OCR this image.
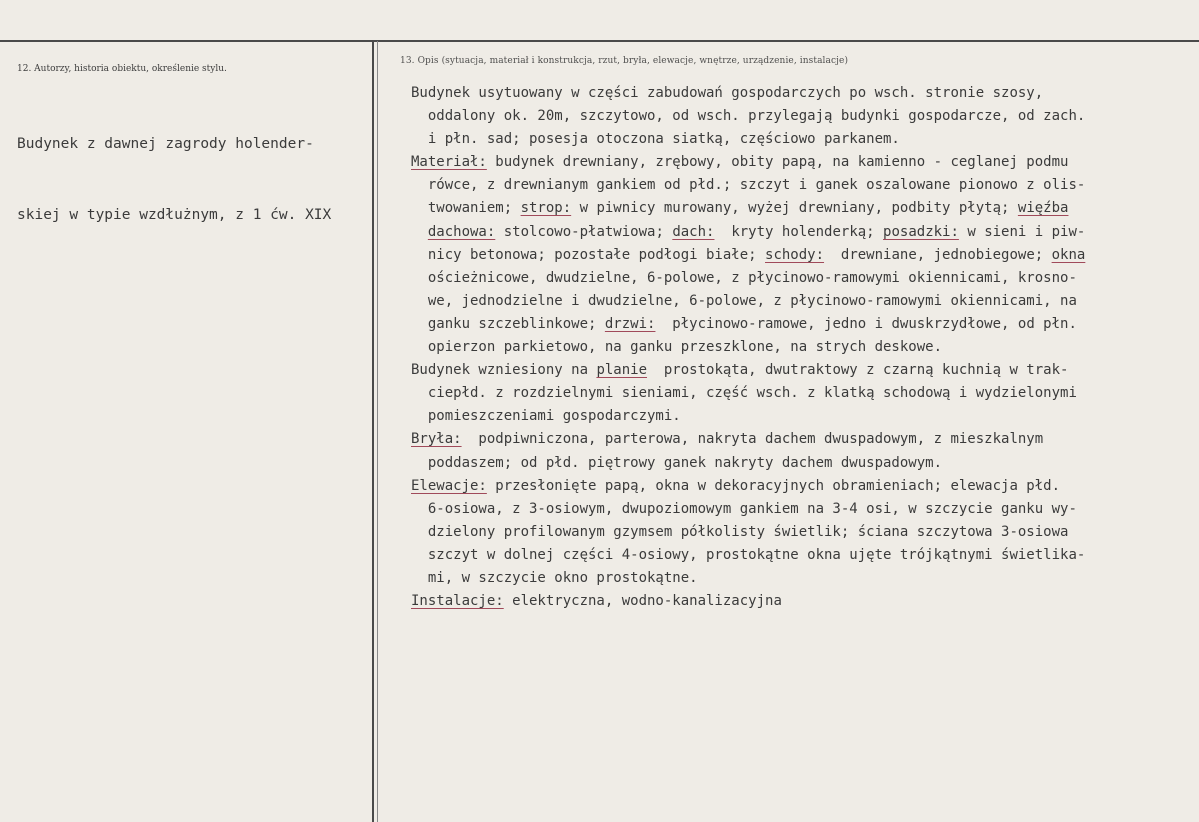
12. Autorzy, historia obiektu, określenie stylu.

Budynek z dawnej zagrody holender-

skiej w typie wzdłużnym, z 1 ćw. XIX

13. Opis (sytuacja, materiał i konstrukcja, rzut, bryła, elewacje, wnętrze, urządzenie, instalacje)
Budynek usytuowany w części zabudowań gospodarczych po wsch. stronie szosy,
oddalony ok. 20m, szczytowo, od wsch. przylegają budynki gospodarcze, od zach.
i płn. sad; posesja otoczona siatką, częściowo parkanem.
Materiał: budynek drewniany, zrębowy, obity papą, na kamienno - ceglanej podmu
rówce, z drewnianym gankiem od płd.; szczyt i ganek oszalowane pionowo z olis-
twowaniem; strop: w piwnicy murowany, wyżej drewniany, podbity płytą; więźba
dachowa: stolcowo-płatwiowa; dach:  kryty holenderką; posadzki: w sieni i piw-
nicy betonowa; pozostałe podłogi białe; schody:  drewniane, jednobiegowe; okna
ościeżnicowe, dwudzielne, 6-polowe, z płycinowo-ramowymi okiennicami, krosno-
we, jednodzielne i dwudzielne, 6-polowe, z płycinowo-ramowymi okiennicami, na
ganku szczeblinkowe; drzwi:  płycinowo-ramowe, jedno i dwuskrzydłowe, od płn.
opierzon parkietowo, na ganku przeszklone, na strych deskowe.
Budynek wzniesiony na planie  prostokąta, dwutraktowy z czarną kuchnią w trak-
ciepłd. z rozdzielnymi sieniami, część wsch. z klatką schodową i wydzielonymi
pomieszczeniami gospodarczymi.
Bryła:  podpiwniczona, parterowa, nakryta dachem dwuspadowym, z mieszkalnym
poddaszem; od płd. piętrowy ganek nakryty dachem dwuspadowym.
Elewacje: przesłonięte papą, okna w dekoracyjnych obramieniach; elewacja płd.
6-osiowa, z 3-osiowym, dwupoziomowym gankiem na 3-4 osi, w szczycie ganku wy-
dzielony profilowanym gzymsem półkolisty świetlik; ściana szczytowa 3-osiowa
szczyt w dolnej części 4-osiowy, prostokątne okna ujęte trójkątnymi świetlika-
mi, w szczycie okno prostokątne.
Instalacje: elektryczna, wodno-kanalizacyjna
